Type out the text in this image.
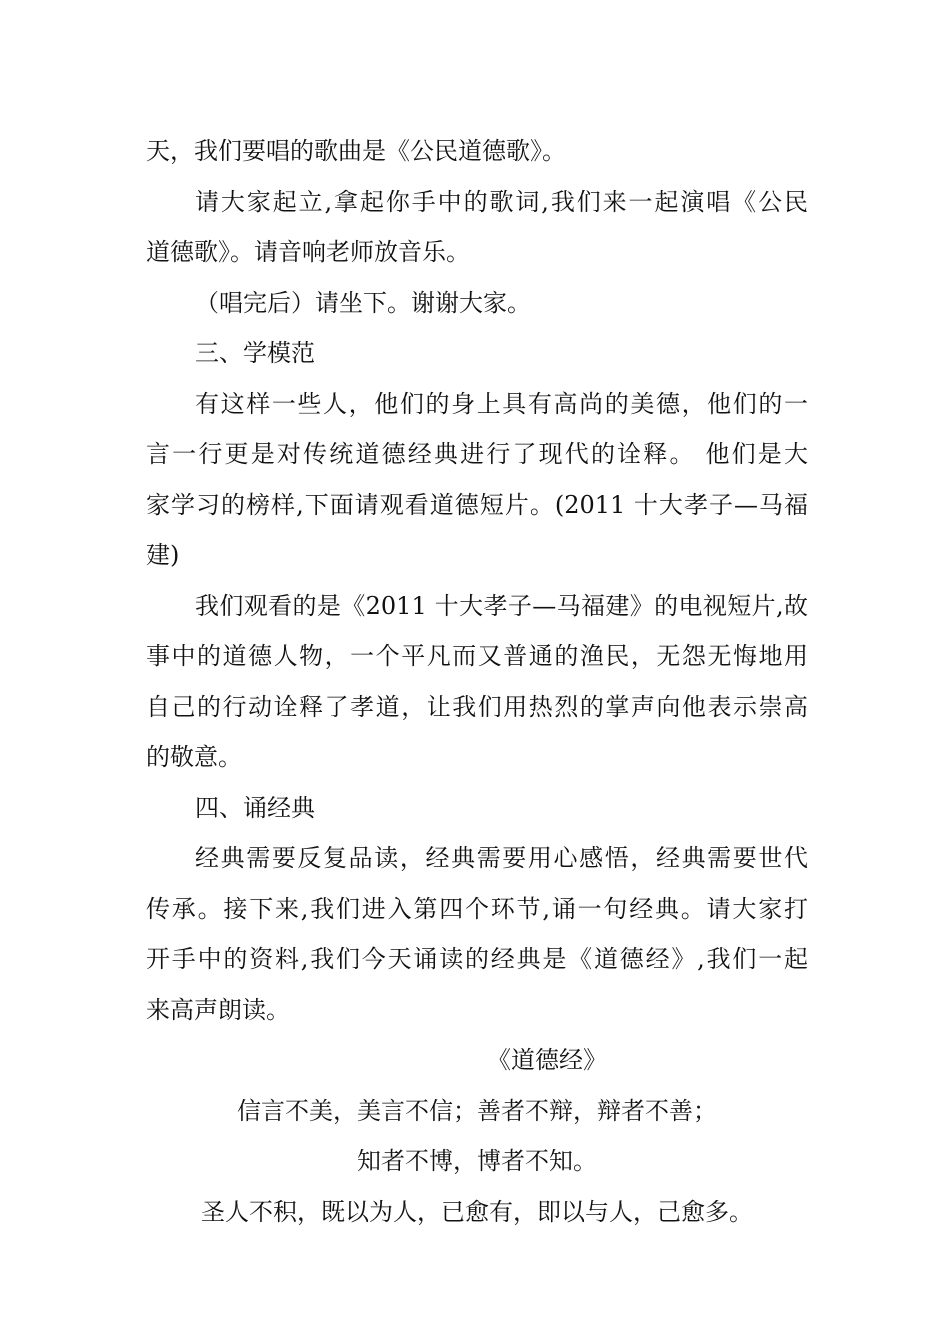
天，我们要唱的歌曲是《公民道德歌》。
请大家起立,拿起你手中的歌词,我们来一起演唱《公民
道德歌》。请音响老师放音乐。
（唱完后）请坐下。谢谢大家。
三、学模范
有这样一些人，他们的身上具有高尚的美德，他们的一
言一行更是对传统道德经典进行了现代的诠释。 他们是大
家学习的榜样,下面请观看道德短片。(2011 十大孝子—马福
建)
我们观看的是《2011 十大孝子—马福建》的电视短片,故
事中的道德人物，一个平凡而又普通的渔民，无怨无悔地用
自己的行动诠释了孝道，让我们用热烈的掌声向他表示崇高
的敬意。
四、诵经典
经典需要反复品读，经典需要用心感悟，经典需要世代
传承。接下来,我们进入第四个环节,诵一句经典。请大家打
开手中的资料,我们今天诵读的经典是《道德经》,我们一起
来高声朗读。
《道德经》
信言不美，美言不信；善者不辩，辩者不善；
知者不博，博者不知。
圣人不积，既以为人，已愈有，即以与人，己愈多。
